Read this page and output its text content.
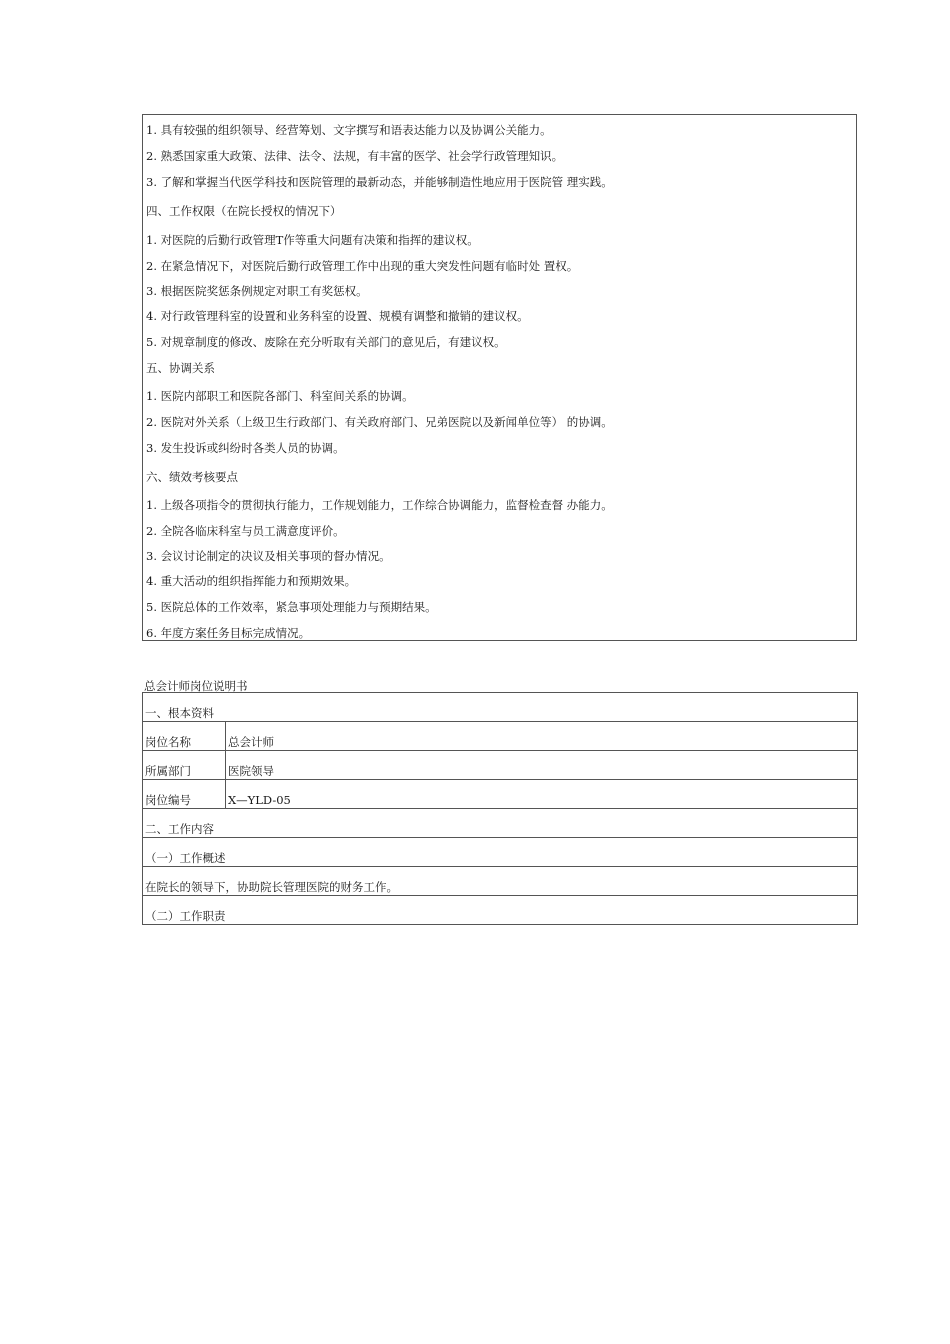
1. 具有较强的组织领导、经营筹划、文字撰写和语表达能力以及协调公关能力。
2. 熟悉国家重大政策、法律、法令、法规，有丰富的医学、社会学行政管理知识。
3. 了解和掌握当代医学科技和医院管理的最新动态，并能够制造性地应用于医院管 理实践。
四、工作权限（在院长授权的情况下）
1. 对医院的后勤行政管理T作等重大问题有决策和指挥的建议权。
2. 在紧急情况下，对医院后勤行政管理工作中出现的重大突发性问题有临时处 置权。
3. 根据医院奖惩条例规定对职工有奖惩权。
4. 对行政管理科室的设置和业务科室的设置、规模有调整和撤销的建议权。
5. 对规章制度的修改、废除在充分听取有关部门的意见后，有建议权。
五、协调关系
1. 医院内部职工和医院各部门、科室间关系的协调。
2. 医院对外关系（上级卫生行政部门、有关政府部门、兄弟医院以及新闻单位等） 的协调。
3. 发生投诉或纠纷时各类人员的协调。
六、绩效考核要点
1. 上级各项指令的贯彻执行能力，工作规划能力，工作综合协调能力，监督检查督 办能力。
2. 全院各临床科室与员工满意度评价。
3. 会议讨论制定的决议及相关事项的督办情况。
4. 重大活动的组织指挥能力和预期效果。
5. 医院总体的工作效率，紧急事项处理能力与预期结果。
6. 年度方案任务目标完成情况。
总会计师岗位说明书
一、根本资料	
岗位名称	总会计师
所属部门	医院领导
岗位编号	X—YLD-05
二、工作内容	
（一）工作概述	
在院长的领导下，协助院长管理医院的财务工作。	
（二）工作职责	
